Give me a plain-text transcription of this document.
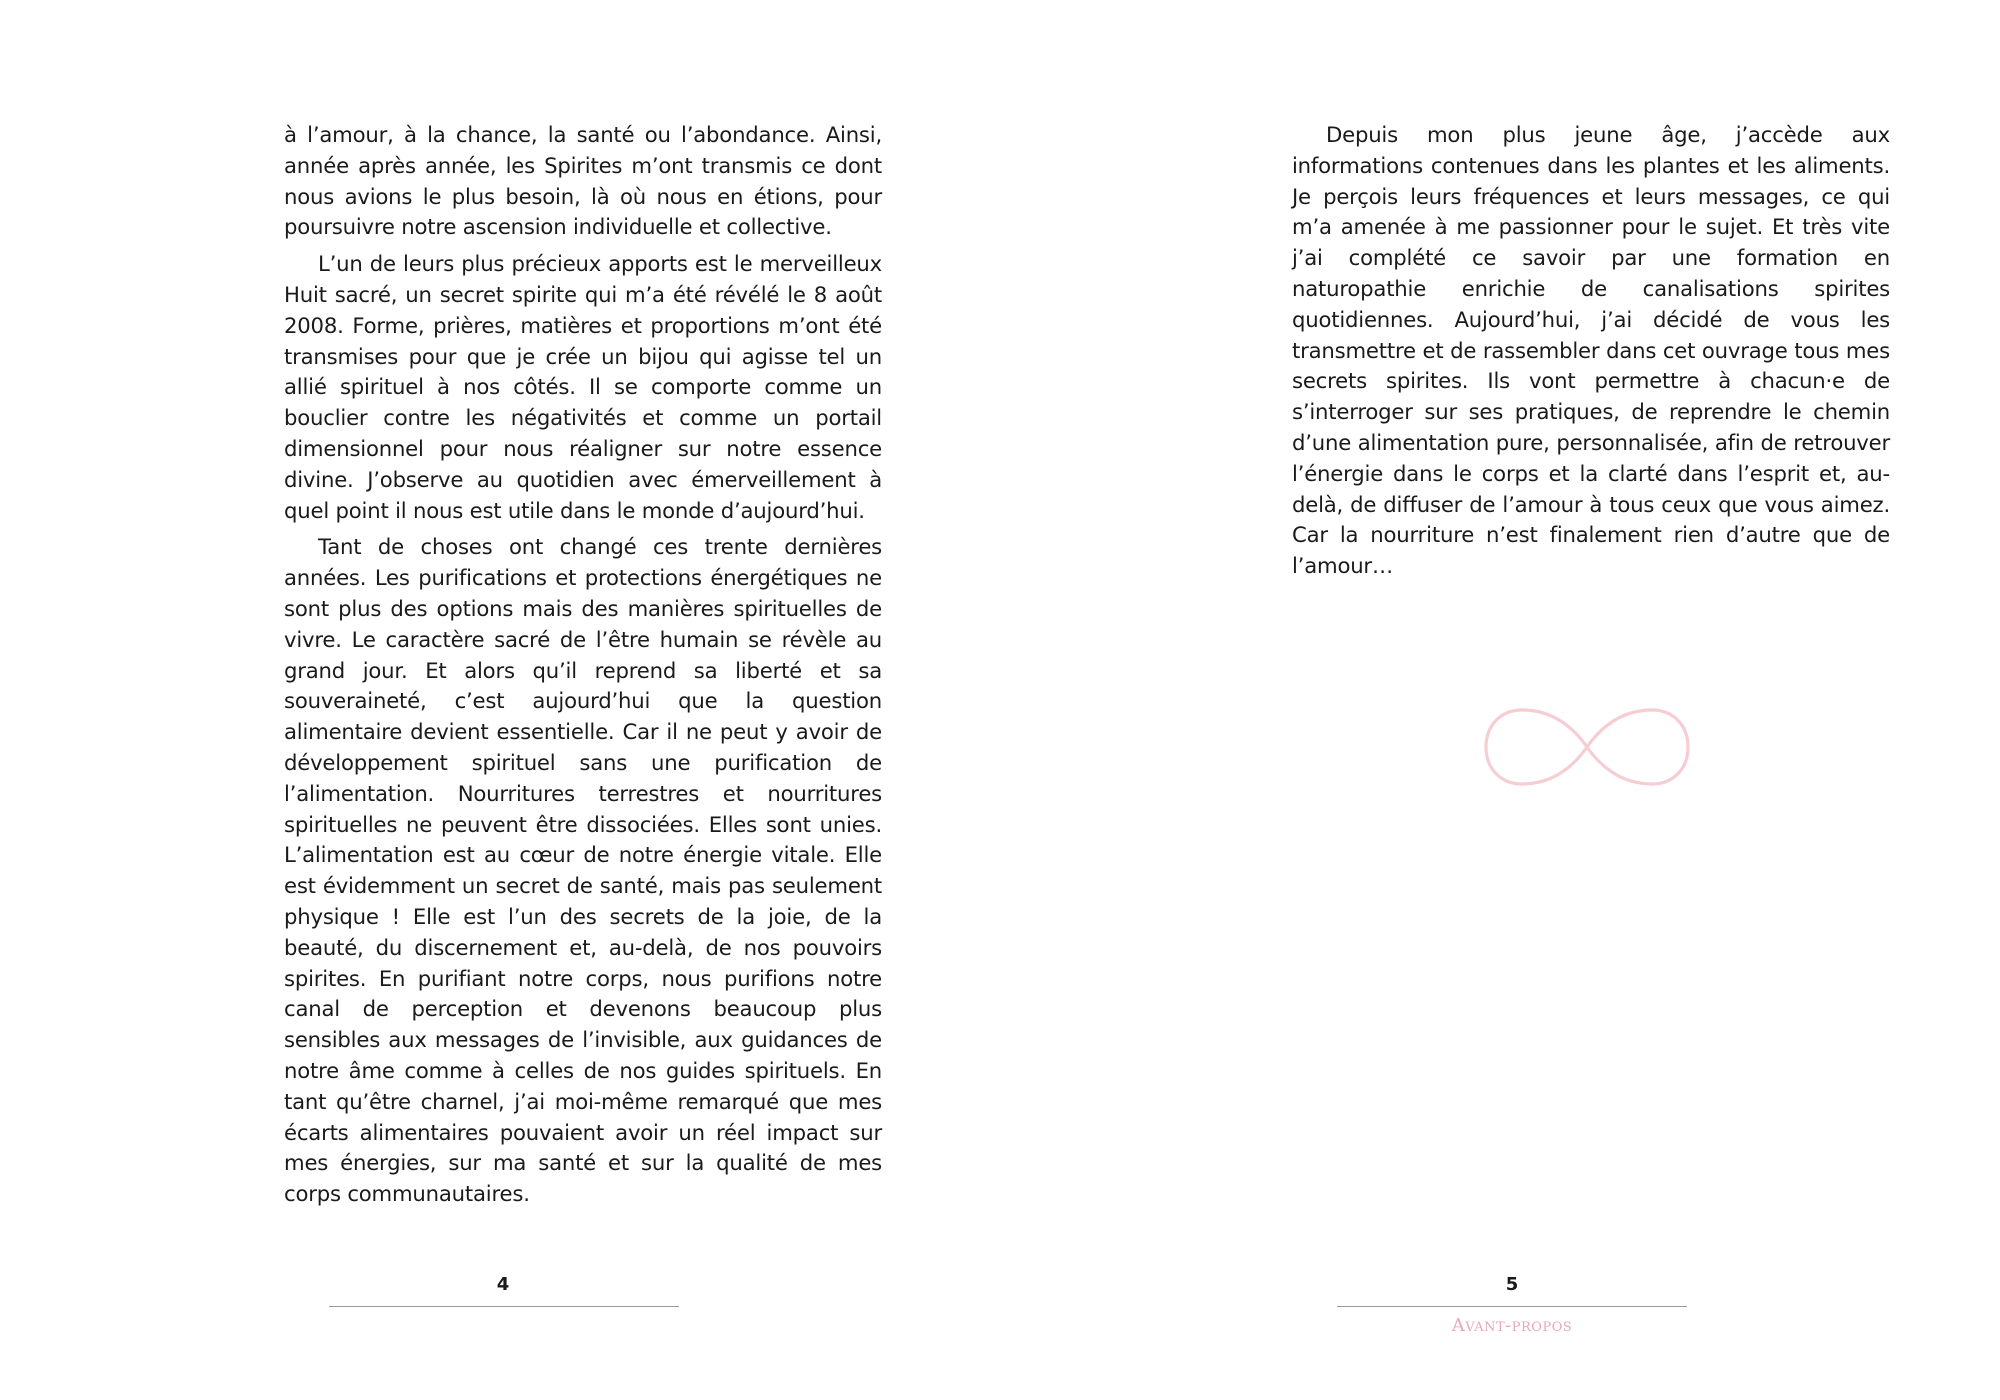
à l’amour, à la chance, la santé ou l’abondance. Ainsi, année après année, les Spirites m’ont transmis ce dont nous avions le plus besoin, là où nous en étions, pour poursuivre notre ascension individuelle et collective.

L’un de leurs plus précieux apports est le merveilleux Huit sacré, un secret spirite qui m’a été révélé le 8 août 2008. Forme, prières, matières et proportions m’ont été transmises pour que je crée un bijou qui agisse tel un allié spirituel à nos côtés. Il se comporte comme un bouclier contre les négativités et comme un portail dimensionnel pour nous réaligner sur notre essence divine. J’observe au quotidien avec émerveillement à quel point il nous est utile dans le monde d’aujourd’hui.

Tant de choses ont changé ces trente dernières années. Les purifications et protections énergétiques ne sont plus des options mais des manières spirituelles de vivre. Le caractère sacré de l’être humain se révèle au grand jour. Et alors qu’il reprend sa liberté et sa souveraineté, c’est aujourd’hui que la question alimentaire devient essentielle. Car il ne peut y avoir de développement spirituel sans une purification de l’alimentation. Nourritures terrestres et nourritures spirituelles ne peuvent être dissociées. Elles sont unies. L’alimentation est au cœur de notre énergie vitale. Elle est évidemment un secret de santé, mais pas seulement physique ! Elle est l’un des secrets de la joie, de la beauté, du discernement et, au-delà, de nos pouvoirs spirites. En purifiant notre corps, nous purifions notre canal de perception et devenons beaucoup plus sensibles aux messages de l’invisible, aux guidances de notre âme comme à celles de nos guides spirituels. En tant qu’être charnel, j’ai moi-même remarqué que mes écarts alimentaires pouvaient avoir un réel impact sur mes énergies, sur ma santé et sur la qualité de mes corps communautaires.

4

Depuis mon plus jeune âge, j’accède aux informations contenues dans les plantes et les aliments. Je perçois leurs fréquences et leurs messages, ce qui m’a amenée à me passionner pour le sujet. Et très vite j’ai complété ce savoir par une formation en naturopathie enrichie de canalisations spirites quotidiennes. Aujourd’hui, j’ai décidé de vous les transmettre et de rassembler dans cet ouvrage tous mes secrets spirites. Ils vont permettre à chacun·e de s’interroger sur ses pratiques, de reprendre le chemin d’une alimentation pure, personnalisée, afin de retrouver l’énergie dans le corps et la clarté dans l’esprit et, au-delà, de diffuser de l’amour à tous ceux que vous aimez. Car la nourriture n’est finalement rien d’autre que de l’amour…

5
Avant-propos
